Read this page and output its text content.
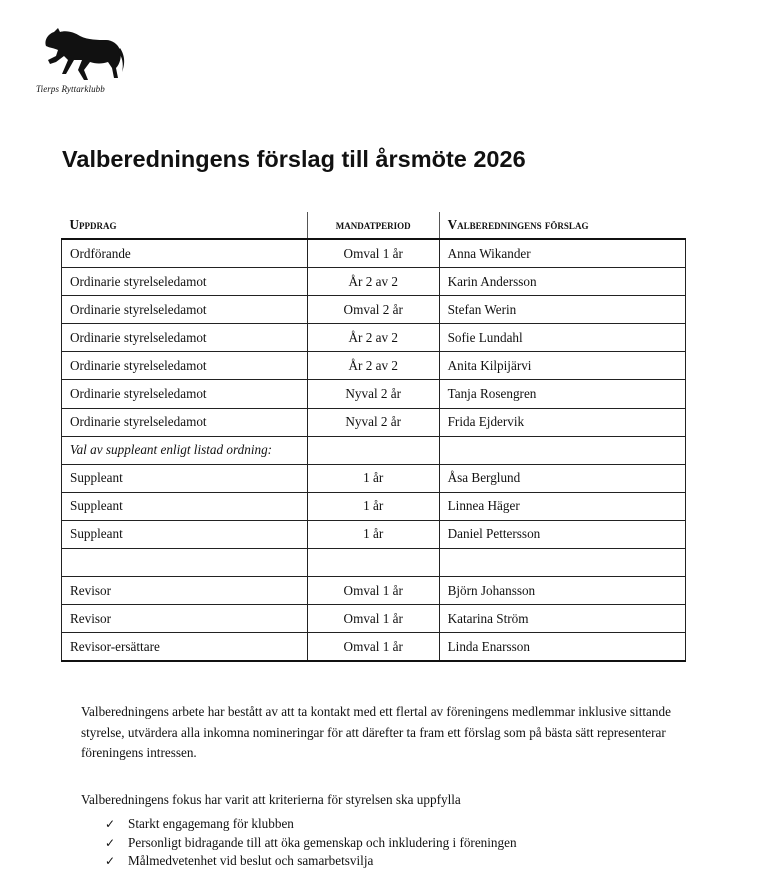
Tierps Ryttarklubb
Valberedningens förslag till årsmöte 2026
Uppdrag	mandatperiod	Valberedningens förslag
Ordförande	Omval 1 år	Anna Wikander
Ordinarie styrelseledamot	År 2 av 2	Karin Andersson
Ordinarie styrelseledamot	Omval 2 år	Stefan Werin
Ordinarie styrelseledamot	År 2 av 2	Sofie Lundahl
Ordinarie styrelseledamot	År 2 av 2	Anita Kilpijärvi
Ordinarie styrelseledamot	Nyval 2 år	Tanja Rosengren
Ordinarie styrelseledamot	Nyval 2 år	Frida Ejdervik
Val av suppleant enligt listad ordning:		
Suppleant	1 år	Åsa Berglund
Suppleant	1 år	Linnea Häger
Suppleant	1 år	Daniel Pettersson

Revisor	Omval 1 år	Björn Johansson
Revisor	Omval 1 år	Katarina Ström
Revisor-ersättare	Omval 1 år	Linda Enarsson

Valberedningens arbete har bestått av att ta kontakt med ett flertal av föreningens medlemmar inklusive sittande styrelse, utvärdera alla inkomna nomineringar för att därefter ta fram ett förslag som på bästa sätt representerar föreningens intressen.

Valberedningens fokus har varit att kriterierna för styrelsen ska uppfylla

✓ Starkt engagemang för klubben
✓ Personligt bidragande till att öka gemenskap och inkludering i föreningen
✓ Målmedvetenhet vid beslut och samarbetsvilja
